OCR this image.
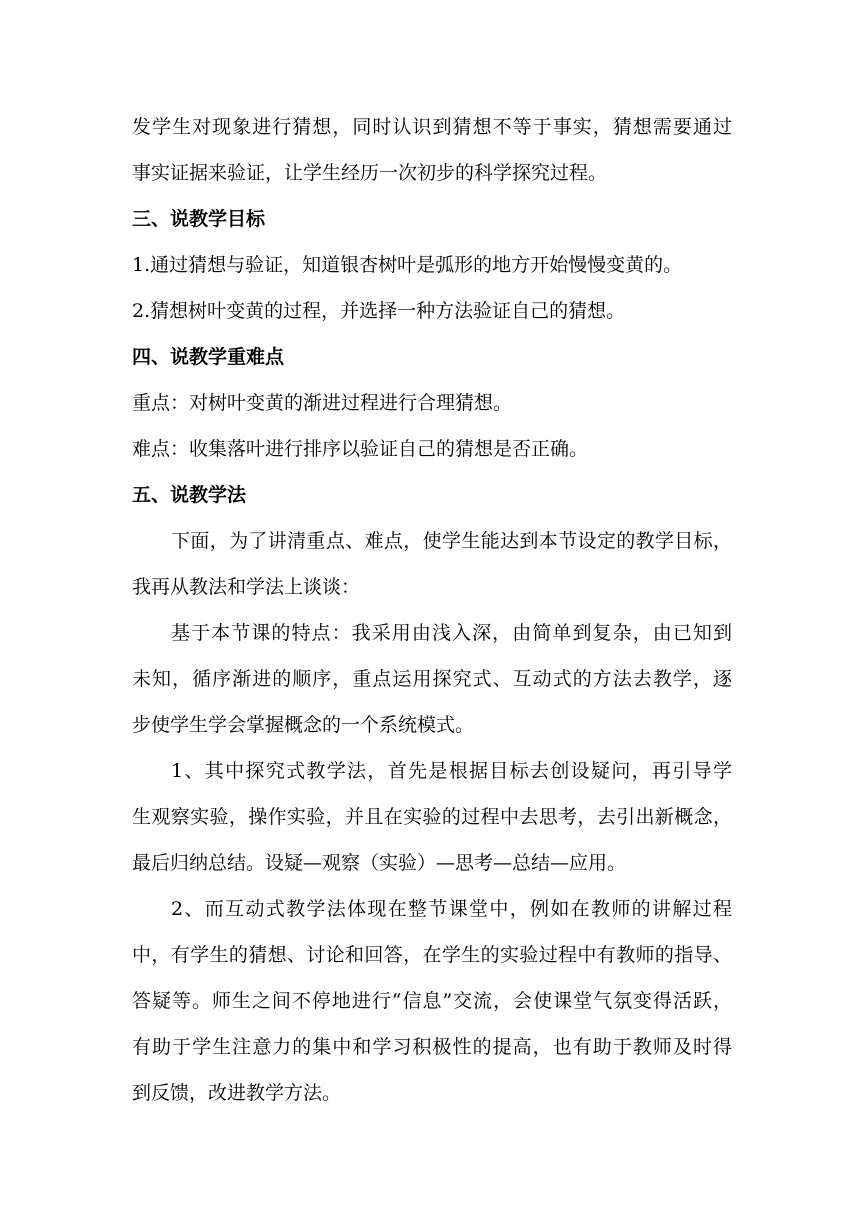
发学生对现象进行猜想，同时认识到猜想不等于事实，猜想需要通过
事实证据来验证，让学生经历一次初步的科学探究过程。
三、说教学目标
1.通过猜想与验证，知道银杏树叶是弧形的地方开始慢慢变黄的。
2.猜想树叶变黄的过程，并选择一种方法验证自己的猜想。
四、说教学重难点
重点：对树叶变黄的渐进过程进行合理猜想。
难点：收集落叶进行排序以验证自己的猜想是否正确。
五、说教学法
下面，为了讲清重点、难点，使学生能达到本节设定的教学目标，
我再从教法和学法上谈谈：
基于本节课的特点：我采用由浅入深，由简单到复杂，由已知到
未知，循序渐进的顺序，重点运用探究式、互动式的方法去教学，逐
步使学生学会掌握概念的一个系统模式。
1、其中探究式教学法，首先是根据目标去创设疑问，再引导学
生观察实验，操作实验，并且在实验的过程中去思考，去引出新概念，
最后归纳总结。设疑—观察（实验）—思考—总结—应用。
2、而互动式教学法体现在整节课堂中，例如在教师的讲解过程
中，有学生的猜想、讨论和回答，在学生的实验过程中有教师的指导、
答疑等。师生之间不停地进行“信息”交流，会使课堂气氛变得活跃，
有助于学生注意力的集中和学习积极性的提高，也有助于教师及时得
到反馈，改进教学方法。
